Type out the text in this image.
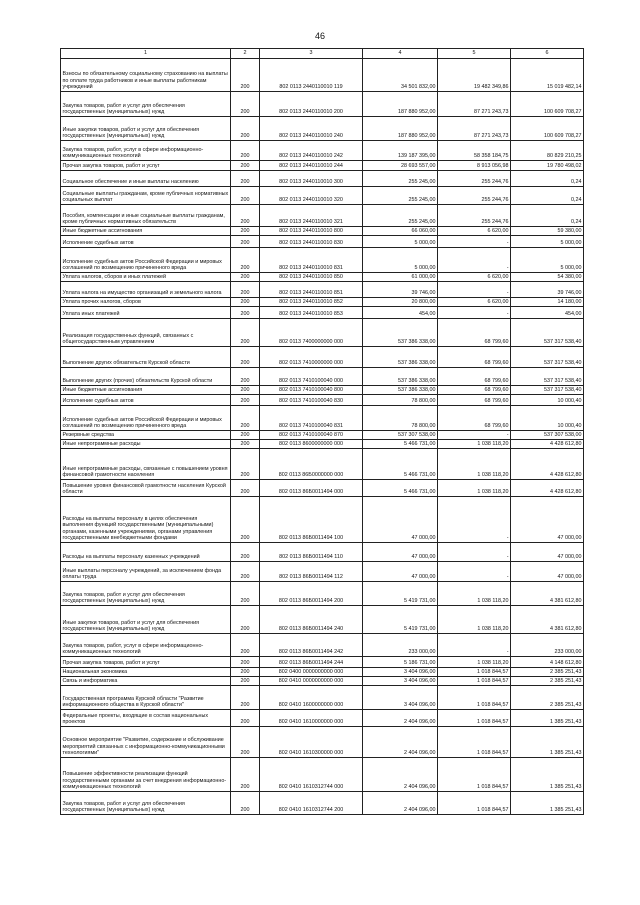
46
1	2	3	4	5	6
Взносы по обязательному социальному страхованию на выплаты по оплате труда работников и иные выплаты работникам учреждений	200	802 0113 2440110010 119	34 501 832,00	19 482 349,86	15 019 482,14
Закупка товаров, работ и услуг для обеспечения государственных (муниципальных) нужд	200	802 0113 2440110010 200	187 880 952,00	87 271 243,73	100 609 708,27
Иные закупки товаров, работ и услуг для обеспечения государственных (муниципальных) нужд	200	802 0113 2440110010 240	187 880 952,00	87 271 243,73	100 609 708,27
Закупка товаров, работ, услуг в сфере информационно-коммуникационных технологий	200	802 0113 2440110010 242	139 187 395,00	58 358 184,75	80 829 210,25
Прочая закупка товаров, работ и услуг	200	802 0113 2440110010 244	28 693 557,00	8 913 056,98	19 780 498,02
Социальное обеспечение и иные выплаты населению	200	802 0113 2440110010 300	255 245,00	255 244,76	0,24
Социальные выплаты гражданам, кроме публичных нормативных социальных выплат	200	802 0113 2440110010 320	255 245,00	255 244,76	0,24
Пособия, компенсации и иные социальные выплаты гражданам, кроме публичных нормативных обязательств	200	802 0113 2440110010 321	255 245,00	255 244,76	0,24
Иные бюджетные ассигнования	200	802 0113 2440110010 800	66 060,00	6 620,00	59 380,00
Исполнение судебных актов	200	802 0113 2440110010 830	5 000,00	-	5 000,00
Исполнение судебных актов Российской Федерации и мировых соглашений по возмещению причиненного вреда	200	802 0113 2440110010 831	5 000,00	-	5 000,00
Уплата налогов, сборов и иных платежей	200	802 0113 2440110010 850	61 000,00	6 620,00	54 380,00
Уплата налога на имущество организаций и земельного налога	200	802 0113 2440110010 851	39 746,00	-	39 746,00
Уплата прочих налогов, сборов	200	802 0113 2440110010 852	20 800,00	6 620,00	14 180,00
Уплата иных платежей	200	802 0113 2440110010 853	454,00	-	454,00
Реализация государственных функций, связанных с общегосударственным управлением	200	802 0113 7400000000 000	537 386 338,00	68 799,60	537 317 538,40
Выполнение других обязательств Курской области	200	802 0113 7410000000 000	537 386 338,00	68 799,60	537 317 538,40
Выполнение других (прочих) обязательств Курской области	200	802 0113 7410100040 000	537 386 338,00	68 799,60	537 317 538,40
Иные бюджетные ассигнования	200	802 0113 7410100040 800	537 386 338,00	68 799,60	537 317 538,40
Исполнение судебных актов	200	802 0113 7410100040 830	78 800,00	68 799,60	10 000,40
Исполнение судебных актов Российской Федерации и мировых соглашений по возмещению причиненного вреда	200	802 0113 7410100040 831	78 800,00	68 799,60	10 000,40
Резервные средства	200	802 0113 7410100040 870	537 307 538,00	-	537 307 538,00
Иные непрограммные расходы	200	802 0113 8600000000 000	5 466 731,00	1 038 118,20	4 428 612,80
Иные непрограммные расходы, связанные с повышением уровня финансовой грамотности населения	200	802 0113 86Б0000000 000	5 466 731,00	1 038 118,20	4 428 612,80
Повышение уровня финансовой грамотности населения Курской области	200	802 0113 86Б0011494 000	5 466 731,00	1 038 118,20	4 428 612,80
Расходы на выплаты персоналу в целях обеспечения выполнения функций государственными (муниципальными) органами, казенными учреждениями, органами управления государственными внебюджетными фондами	200	802 0113 86Б0011494 100	47 000,00	-	47 000,00
Расходы на выплаты персоналу казенных учреждений	200	802 0113 86Б0011494 110	47 000,00	-	47 000,00
Иные выплаты персоналу учреждений, за исключением фонда оплаты труда	200	802 0113 86Б0011494 112	47 000,00	-	47 000,00
Закупка товаров, работ и услуг для обеспечения государственных (муниципальных) нужд	200	802 0113 86Б0011494 200	5 419 731,00	1 038 118,20	4 381 612,80
Иные закупки товаров, работ и услуг для обеспечения государственных (муниципальных) нужд	200	802 0113 86Б0011494 240	5 419 731,00	1 038 118,20	4 381 612,80
Закупка товаров, работ, услуг в сфере информационно-коммуникационных технологий	200	802 0113 86Б0011494 242	233 000,00	-	233 000,00
Прочая закупка товаров, работ и услуг	200	802 0113 86Б0011494 244	5 186 731,00	1 038 118,20	4 148 612,80
Национальная экономика	200	802 0400 0000000000 000	3 404 096,00	1 018 844,57	2 385 251,43
Связь и информатика	200	802 0410 0000000000 000	3 404 096,00	1 018 844,57	2 385 251,43
Государственная программа Курской области "Развитие информационного общества в Курской области"	200	802 0410 1600000000 000	3 404 096,00	1 018 844,57	2 385 251,43
Федеральные проекты, входящие в состав национальных проектов	200	802 0410 1610000000 000	2 404 096,00	1 018 844,57	1 385 251,43
Основное мероприятие "Развитие, содержание и обслуживание мероприятий связанных с информационно-коммуникационными технологиями"	200	802 0410 1610300000 000	2 404 096,00	1 018 844,57	1 385 251,43
Повышение эффективности реализации функций государственными органами за счет внедрения информационно-коммуникационных технологий	200	802 0410 1610312744 000	2 404 096,00	1 018 844,57	1 385 251,43
Закупка товаров, работ и услуг для обеспечения государственных (муниципальных) нужд	200	802 0410 1610312744 200	2 404 096,00	1 018 844,57	1 385 251,43
